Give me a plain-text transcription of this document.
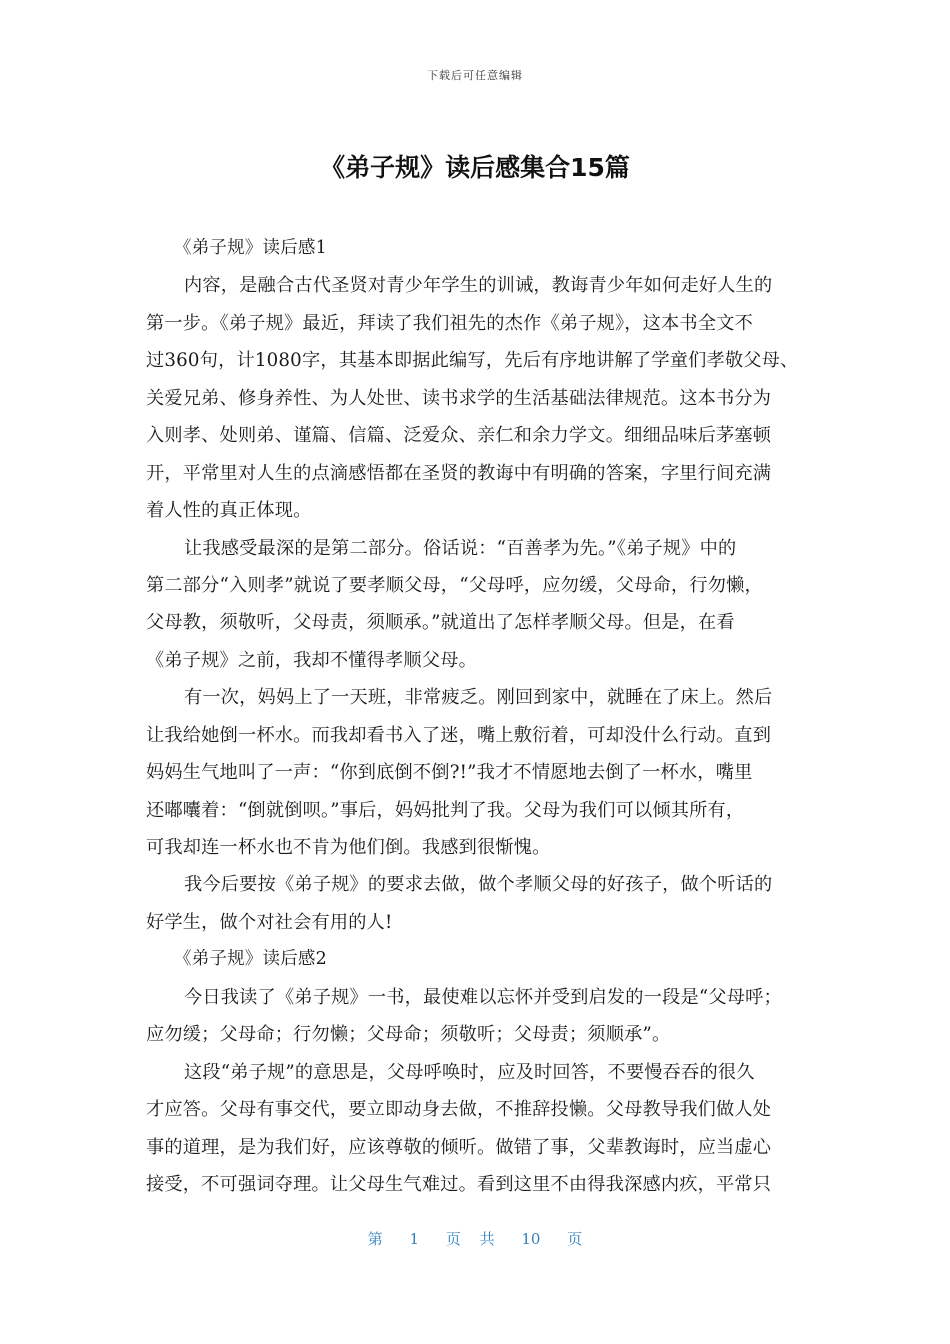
下载后可任意编辑
《弟子规》读后感集合15篇
《弟子规》读后感1
内容，是融合古代圣贤对青少年学生的训诫，教诲青少年如何走好人生的
第一步。《弟子规》最近，拜读了我们祖先的杰作《弟子规》，这本书全文不
过360句，计1080字，其基本即据此编写，先后有序地讲解了学童们孝敬父母、
关爱兄弟、修身养性、为人处世、读书求学的生活基础法律规范。这本书分为
入则孝、处则弟、谨篇、信篇、泛爱众、亲仁和余力学文。细细品味后茅塞顿
开，平常里对人生的点滴感悟都在圣贤的教诲中有明确的答案，字里行间充满
着人性的真正体现。
让我感受最深的是第二部分。俗话说：“百善孝为先。”《弟子规》中的
第二部分“入则孝”就说了要孝顺父母，“父母呼，应勿缓，父母命，行勿懒，
父母教，须敬听，父母责，须顺承。”就道出了怎样孝顺父母。但是，在看
《弟子规》之前，我却不懂得孝顺父母。
有一次，妈妈上了一天班，非常疲乏。刚回到家中，就睡在了床上。然后
让我给她倒一杯水。而我却看书入了迷，嘴上敷衍着，可却没什么行动。直到
妈妈生气地叫了一声：“你到底倒不倒?!”我才不情愿地去倒了一杯水，嘴里
还嘟囔着：“倒就倒呗。”事后，妈妈批判了我。父母为我们可以倾其所有，
可我却连一杯水也不肯为他们倒。我感到很惭愧。
我今后要按《弟子规》的要求去做，做个孝顺父母的好孩子，做个听话的
好学生，做个对社会有用的人!
《弟子规》读后感2
今日我读了《弟子规》一书，最使难以忘怀并受到启发的一段是“父母呼；
应勿缓；父母命；行勿懒；父母命；须敬听；父母责；须顺承”。
这段“弟子规”的意思是，父母呼唤时，应及时回答，不要慢吞吞的很久
才应答。父母有事交代，要立即动身去做，不推辞投懒。父母教导我们做人处
事的道理，是为我们好，应该尊敬的倾听。做错了事，父辈教诲时，应当虚心
接受，不可强词夺理。让父母生气难过。看到这里不由得我深感内疚，平常只
第 1 页 共 10 页
